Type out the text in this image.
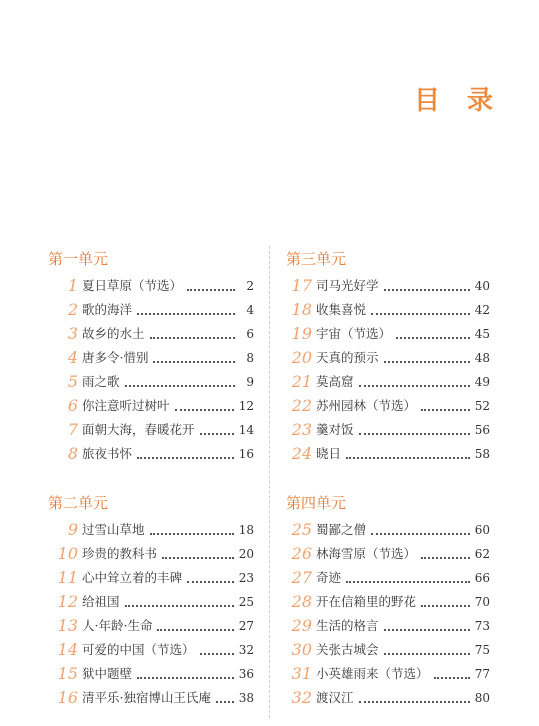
目 录
第一单元
1 夏日草原（节选）	2
2 歌的海洋	4
3 故乡的水土	6
4 唐多令·惜别	8
5 雨之歌	9
6 你注意听过树叶	12
7 面朝大海，春暖花开	14
8 旅夜书怀	16
第二单元
9 过雪山草地	18
10 珍贵的教科书	20
11 心中耸立着的丰碑	23
12 给祖国	25
13 人·年龄·生命	27
14 可爱的中国（节选）	32
15 狱中题壁	36
16 清平乐·独宿博山王氏庵 38
第三单元
17 司马光好学	40
18 收集喜悦	42
19 宇宙（节选）	45
20 天真的预示	48
21 莫高窟	49
22 苏州园林（节选）	52
23 羹对饭	56
24 晓日	58
第四单元
25 蜀鄙之僧	60
26 林海雪原（节选）	62
27 奇迹	66
28 开在信箱里的野花	70
29 生活的格言	73
30 关张古城会	75
31 小英雄雨来（节选）	77
32 渡汉江	80
